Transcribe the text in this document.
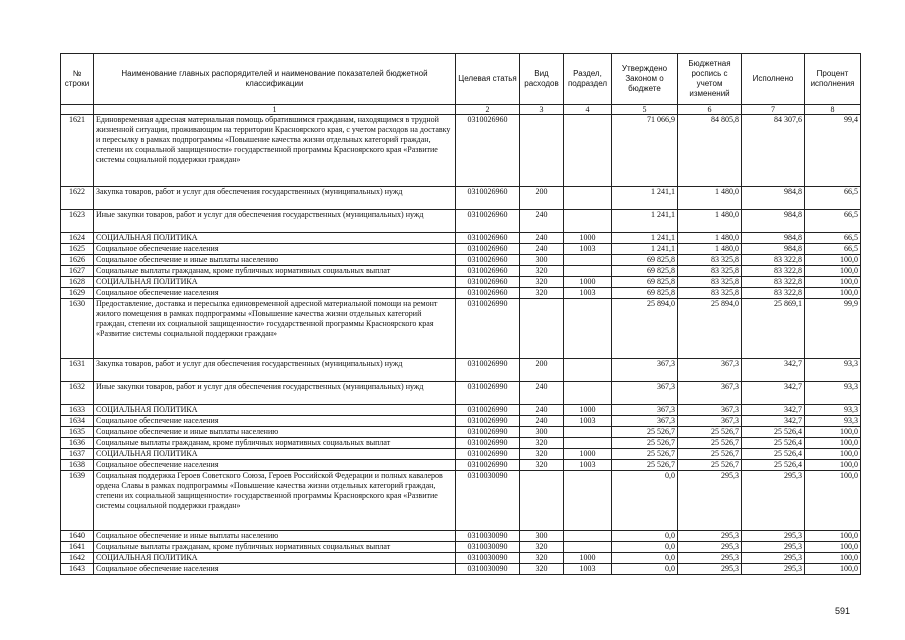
№ строки	Наименование главных распорядителей и наименование показателей бюджетной классификации	Целевая статья	Вид расходов	Раздел, подраздел	Утверждено Законом о бюджете	Бюджетная роспись с учетом изменений	Исполнено	Процент исполнения
	1	2	3	4	5	6	7	8
1621	Единовременная адресная материальная помощь обратившимся гражданам, находящимся в трудной жизненной ситуации, проживающим на территории Красноярского края, с учетом расходов на доставку и пересылку в рамках подпрограммы «Повышение качества жизни отдельных категорий граждан, степени их социальной защищенности» государственной программы Красноярского края «Развитие системы социальной поддержки граждан»	0310026960			71 066,9	84 805,8	84 307,6	99,4
1622	Закупка товаров, работ и услуг для обеспечения государственных (муниципальных) нужд	0310026960	200		1 241,1	1 480,0	984,8	66,5
1623	Иные закупки товаров, работ и услуг для обеспечения государственных (муниципальных) нужд	0310026960	240		1 241,1	1 480,0	984,8	66,5
1624	СОЦИАЛЬНАЯ ПОЛИТИКА	0310026960	240	1000	1 241,1	1 480,0	984,8	66,5
1625	Социальное обеспечение населения	0310026960	240	1003	1 241,1	1 480,0	984,8	66,5
1626	Социальное обеспечение и иные выплаты населению	0310026960	300		69 825,8	83 325,8	83 322,8	100,0
1627	Социальные выплаты гражданам, кроме публичных нормативных социальных выплат	0310026960	320		69 825,8	83 325,8	83 322,8	100,0
1628	СОЦИАЛЬНАЯ ПОЛИТИКА	0310026960	320	1000	69 825,8	83 325,8	83 322,8	100,0
1629	Социальное обеспечение населения	0310026960	320	1003	69 825,8	83 325,8	83 322,8	100,0
1630	Предоставление, доставка и пересылка единовременной адресной материальной помощи на ремонт жилого помещения в рамках подпрограммы «Повышение качества жизни отдельных категорий граждан, степени их социальной защищенности» государственной программы Красноярского края «Развитие системы социальной поддержки граждан»	0310026990			25 894,0	25 894,0	25 869,1	99,9
1631	Закупка товаров, работ и услуг для обеспечения государственных (муниципальных) нужд	0310026990	200		367,3	367,3	342,7	93,3
1632	Иные закупки товаров, работ и услуг для обеспечения государственных (муниципальных) нужд	0310026990	240		367,3	367,3	342,7	93,3
1633	СОЦИАЛЬНАЯ ПОЛИТИКА	0310026990	240	1000	367,3	367,3	342,7	93,3
1634	Социальное обеспечение населения	0310026990	240	1003	367,3	367,3	342,7	93,3
1635	Социальное обеспечение и иные выплаты населению	0310026990	300		25 526,7	25 526,7	25 526,4	100,0
1636	Социальные выплаты гражданам, кроме публичных нормативных социальных выплат	0310026990	320		25 526,7	25 526,7	25 526,4	100,0
1637	СОЦИАЛЬНАЯ ПОЛИТИКА	0310026990	320	1000	25 526,7	25 526,7	25 526,4	100,0
1638	Социальное обеспечение населения	0310026990	320	1003	25 526,7	25 526,7	25 526,4	100,0
1639	Социальная поддержка Героев Советского Союза, Героев Российской Федерации и полных кавалеров ордена Славы в рамках подпрограммы «Повышение качества жизни отдельных категорий граждан, степени их социальной защищенности» государственной программы Красноярского края «Развитие системы социальной поддержки граждан»	0310030090			0,0	295,3	295,3	100,0
1640	Социальное обеспечение и иные выплаты населению	0310030090	300		0,0	295,3	295,3	100,0
1641	Социальные выплаты гражданам, кроме публичных нормативных социальных выплат	0310030090	320		0,0	295,3	295,3	100,0
1642	СОЦИАЛЬНАЯ ПОЛИТИКА	0310030090	320	1000	0,0	295,3	295,3	100,0
1643	Социальное обеспечение населения	0310030090	320	1003	0,0	295,3	295,3	100,0
591
